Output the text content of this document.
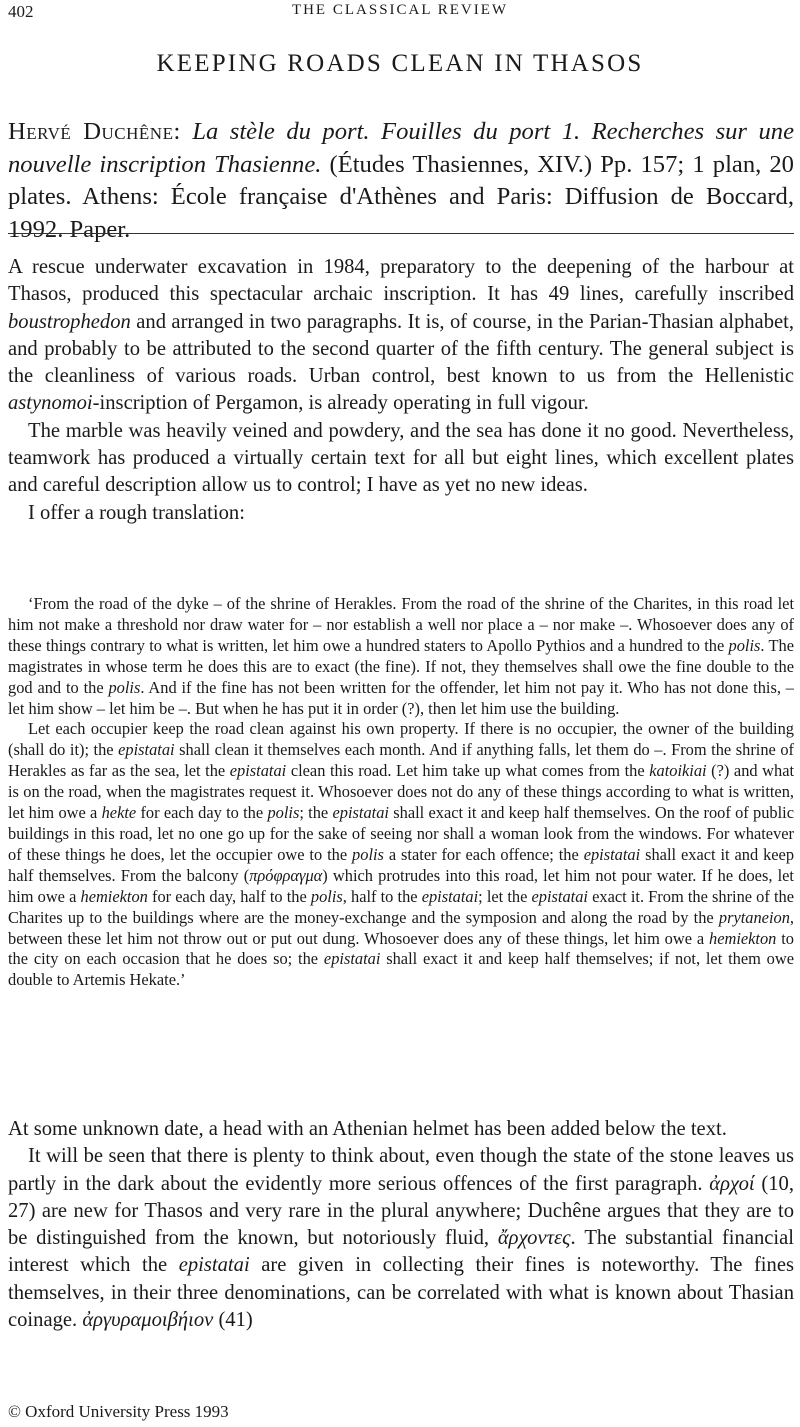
402	THE CLASSICAL REVIEW
KEEPING ROADS CLEAN IN THASOS
Hervé Duchêne: La stèle du port. Fouilles du port 1. Recherches sur une nouvelle inscription Thasienne. (Études Thasiennes, XIV.) Pp. 157; 1 plan, 20 plates. Athens: École française d'Athènes and Paris: Diffusion de Boccard, 1992. Paper.

A rescue underwater excavation in 1984, preparatory to the deepening of the harbour at Thasos, produced this spectacular archaic inscription. It has 49 lines, carefully inscribed boustrophedon and arranged in two paragraphs. It is, of course, in the Parian-Thasian alphabet, and probably to be attributed to the second quarter of the fifth century. The general subject is the cleanliness of various roads. Urban control, best known to us from the Hellenistic astynomoi-inscription of Pergamon, is already operating in full vigour.

The marble was heavily veined and powdery, and the sea has done it no good. Nevertheless, teamwork has produced a virtually certain text for all but eight lines, which excellent plates and careful description allow us to control; I have as yet no new ideas.

I offer a rough translation:

‘From the road of the dyke – of the shrine of Herakles. From the road of the shrine of the Charites, in this road let him not make a threshold nor draw water for – nor establish a well nor place a – nor make –. Whosoever does any of these things contrary to what is written, let him owe a hundred staters to Apollo Pythios and a hundred to the polis. The magistrates in whose term he does this are to exact (the fine). If not, they themselves shall owe the fine double to the god and to the polis. And if the fine has not been written for the offender, let him not pay it. Who has not done this, – let him show – let him be –. But when he has put it in order (?), then let him use the building.

Let each occupier keep the road clean against his own property. If there is no occupier, the owner of the building (shall do it); the epistatai shall clean it themselves each month. And if anything falls, let them do –. From the shrine of Herakles as far as the sea, let the epistatai clean this road. Let him take up what comes from the katoikiai (?) and what is on the road, when the magistrates request it. Whosoever does not do any of these things according to what is written, let him owe a hekte for each day to the polis; the epistatai shall exact it and keep half themselves. On the roof of public buildings in this road, let no one go up for the sake of seeing nor shall a woman look from the windows. For whatever of these things he does, let the occupier owe to the polis a stater for each offence; the epistatai shall exact it and keep half themselves. From the balcony (πρόφραγμα) which protrudes into this road, let him not pour water. If he does, let him owe a hemiekton for each day, half to the polis, half to the epistatai; let the epistatai exact it. From the shrine of the Charites up to the buildings where are the money-exchange and the symposion and along the road by the prytaneion, between these let him not throw out or put out dung. Whosoever does any of these things, let him owe a hemiekton to the city on each occasion that he does so; the epistatai shall exact it and keep half themselves; if not, let them owe double to Artemis Hekate.’

At some unknown date, a head with an Athenian helmet has been added below the text.

It will be seen that there is plenty to think about, even though the state of the stone leaves us partly in the dark about the evidently more serious offences of the first paragraph. ἀρχοί (10, 27) are new for Thasos and very rare in the plural anywhere; Duchêne argues that they are to be distinguished from the known, but notoriously fluid, ἄρχοντες. The substantial financial interest which the epistatai are given in collecting their fines is noteworthy. The fines themselves, in their three denominations, can be correlated with what is known about Thasian coinage. ἀργυραμοιβήιον (41)

© Oxford University Press 1993
